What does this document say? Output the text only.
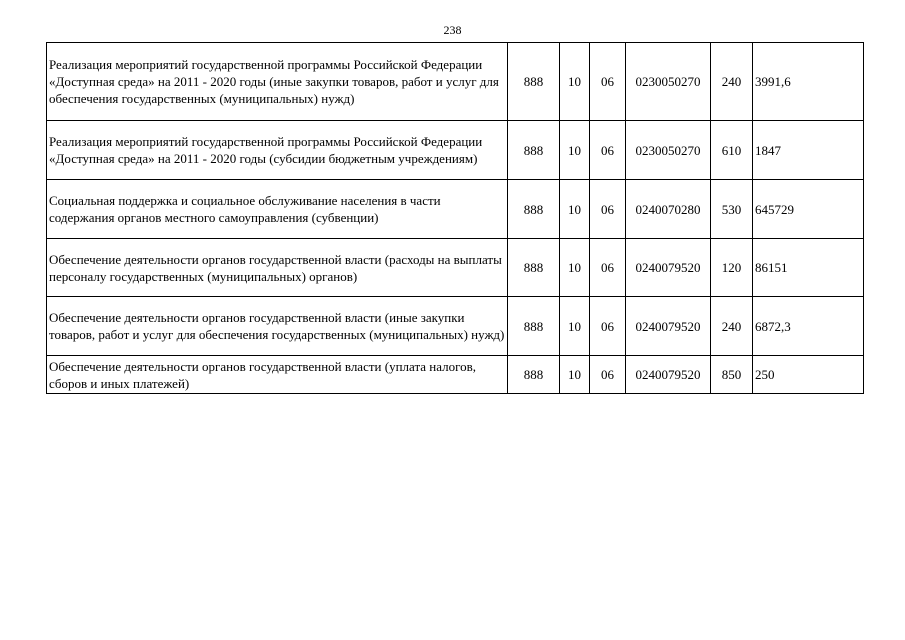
238
Реализация мероприятий государственной программы Российской Федерации «Доступная среда» на 2011 - 2020 годы (иные закупки товаров, работ и услуг для обеспечения государственных (муниципальных) нужд)	888	10	06	0230050270	240	3991,6
Реализация мероприятий государственной программы Российской Федерации «Доступная среда» на 2011 - 2020 годы (субсидии бюджетным учреждениям)	888	10	06	0230050270	610	1847
Социальная поддержка и социальное обслуживание населения в части содержания органов местного самоуправления (субвенции)	888	10	06	0240070280	530	645729
Обеспечение деятельности органов государственной власти (расходы на выплаты персоналу государственных (муниципальных) органов)	888	10	06	0240079520	120	86151
Обеспечение деятельности органов государственной власти (иные закупки товаров, работ и услуг для обеспечения государственных (муниципальных) нужд)	888	10	06	0240079520	240	6872,3
Обеспечение деятельности органов государственной власти (уплата налогов, сборов и иных платежей)	888	10	06	0240079520	850	250
